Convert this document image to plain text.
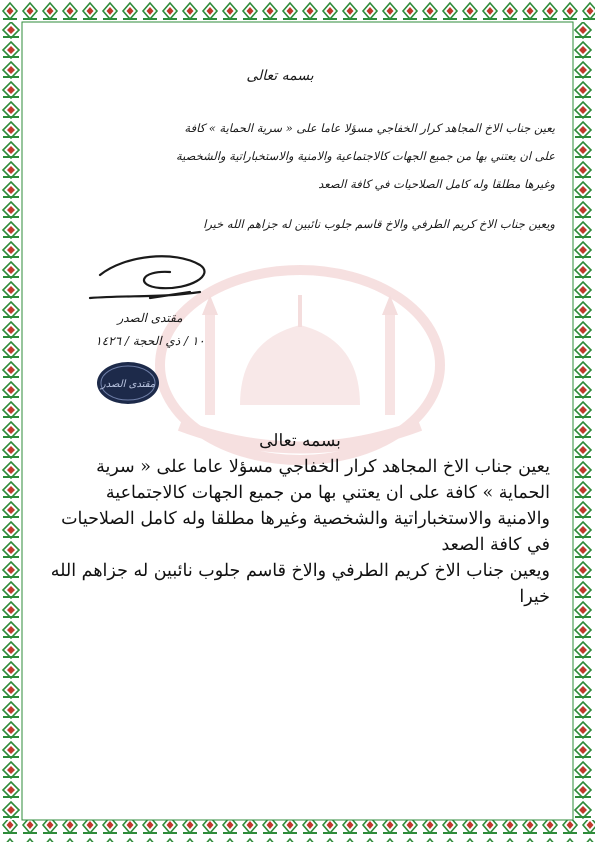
بسمه تعالى
يعين جناب الاخ المجاهد كرار الخفاجي مسؤلا عاما على « سرية الحماية » كافة
على ان يعتني بها من جميع الجهات كالاجتماعية والامنية والاستخباراتية والشخصية
وغيرها مطلقا وله كامل الصلاحيات في كافة الصعد
ويعين جناب الاخ كريم الطرفي والاخ قاسم جلوب نائبين له جزاهم الله خيرا
مقتدى الصدر
١٠ / ذي الحجة / ١٤٢٦
مقتدى الصدر
بسمه تعالى

يعين جناب الاخ المجاهد كرار الخفاجي مسؤلا عاما على « سرية الحماية » كافة على ان يعتني بها من جميع الجهات كالاجتماعية والامنية والاستخباراتية والشخصية وغيرها مطلقا وله كامل الصلاحيات في كافة الصعد

ويعين جناب الاخ كريم الطرفي والاخ قاسم جلوب نائبين له جزاهم الله خيرا
